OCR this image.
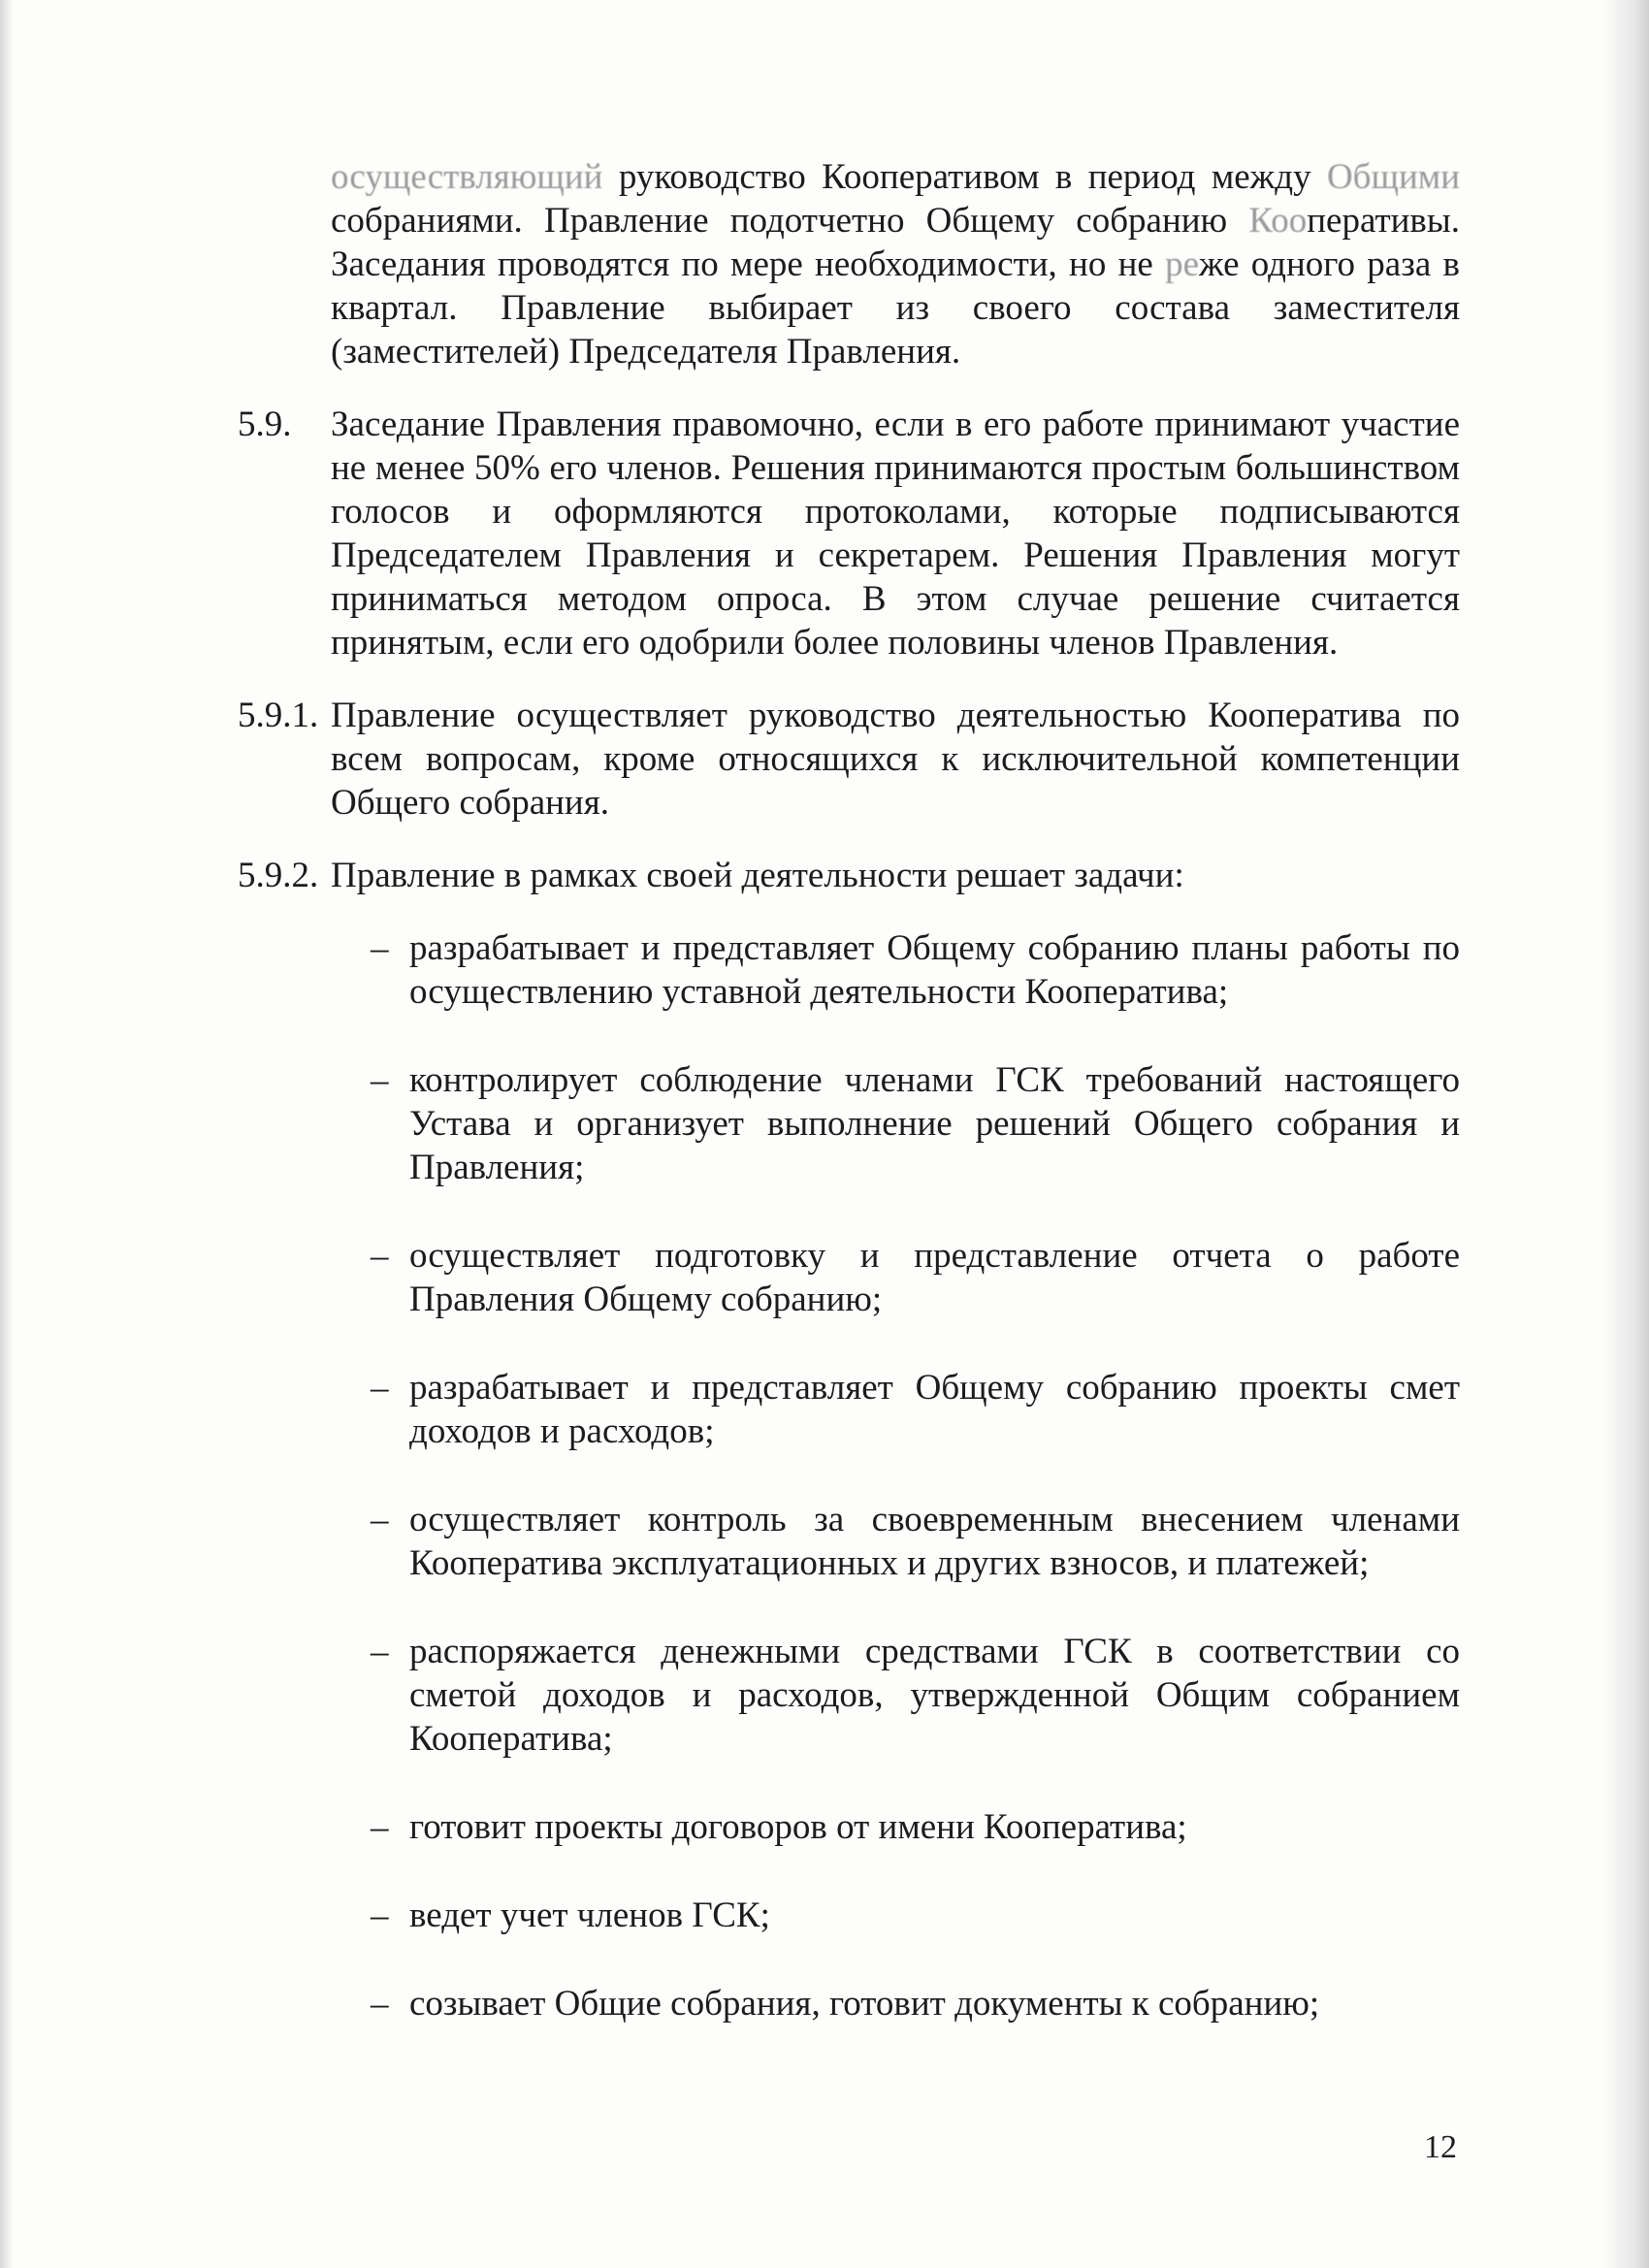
осуществляющий руководство Кооперативом в период между Общими собраниями. Правление подотчетно Общему собранию Кооперативы. Заседания проводятся по мере необходимости, но не реже одного раза в квартал. Правление выбирает из своего состава заместителя (заместителей) Председателя Правления.
5.9. Заседание Правления правомочно, если в его работе принимают участие не менее 50% его членов. Решения принимаются простым большинством голосов и оформляются протоколами, которые подписываются Председателем Правления и секретарем. Решения Правления могут приниматься методом опроса. В этом случае решение считается принятым, если его одобрили более половины членов Правления.
5.9.1. Правление осуществляет руководство деятельностью Кооператива по всем вопросам, кроме относящихся к исключительной компетенции Общего собрания.
5.9.2. Правление в рамках своей деятельности решает задачи:
– разрабатывает и представляет Общему собранию планы работы по осуществлению уставной деятельности Кооператива;
– контролирует соблюдение членами ГСК требований настоящего Устава и организует выполнение решений Общего собрания и Правления;
– осуществляет подготовку и представление отчета о работе Правления Общему собранию;
– разрабатывает и представляет Общему собранию проекты смет доходов и расходов;
– осуществляет контроль за своевременным внесением членами Кооператива эксплуатационных и других взносов, и платежей;
– распоряжается денежными средствами ГСК в соответствии со сметой доходов и расходов, утвержденной Общим собранием Кооператива;
– готовит проекты договоров от имени Кооператива;
– ведет учет членов ГСК;
– созывает Общие собрания, готовит документы к собранию;
12
